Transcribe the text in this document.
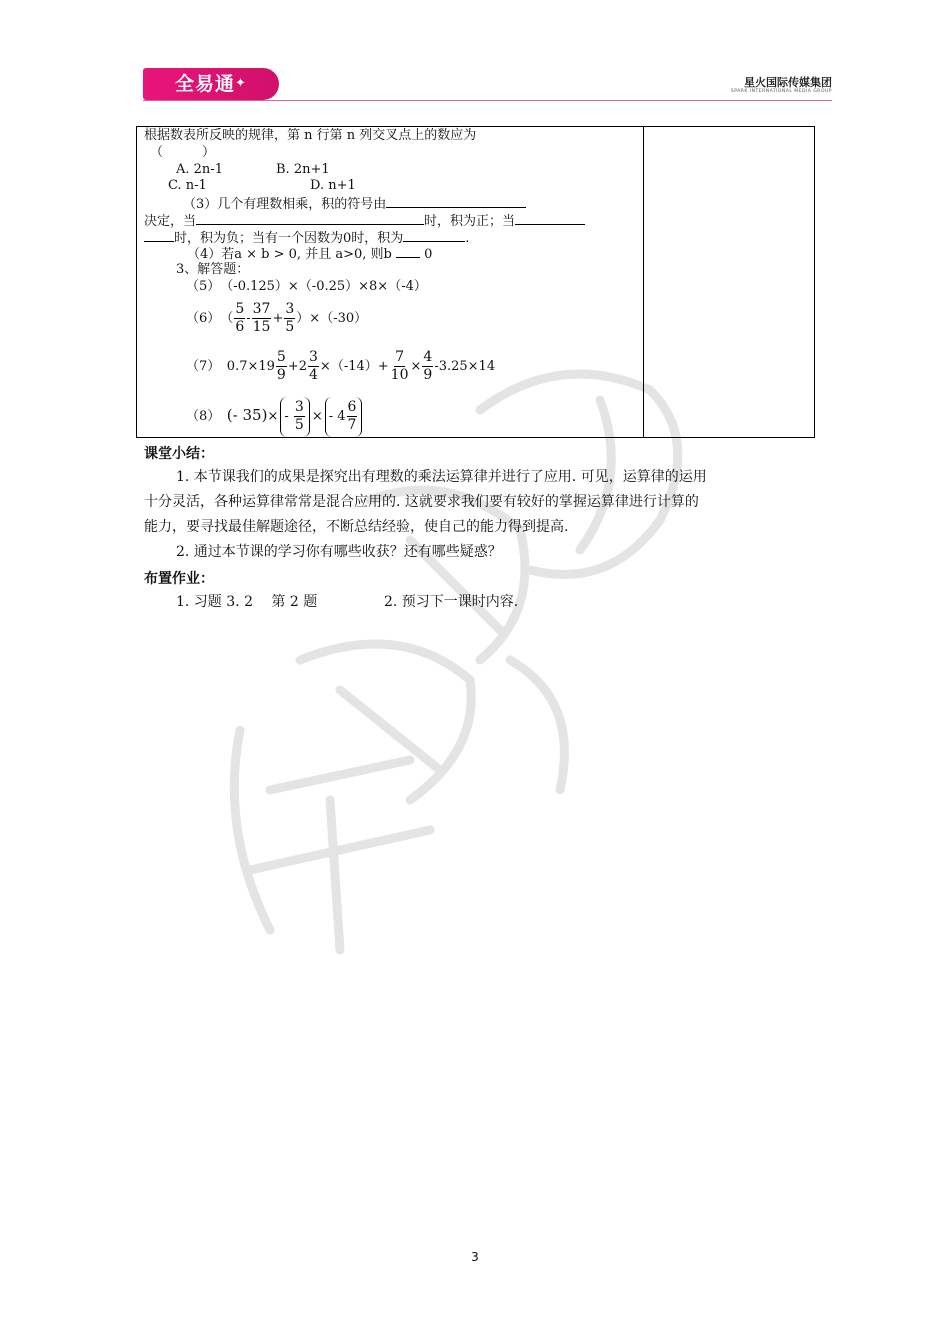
全易通✦	星火国际传媒集团
SPARK INTERNATIONAL MEDIA GROUP
根据数表所反映的规律，第 n 行第 n 列交叉点上的数应为
（　　　）
A. 2n-1	B. 2n+1
C. n-1	D. n+1
（3）几个有理数相乘，积的符号由
决定，当	时，积为正；当
时，积为负；当有一个因数为0时，积为	.
（4）若a × b > 0, 并且 a>0, 则b 0
3、解答题：
（5）　 （-0.125）×（-0.25）×8×（-4）
（6）　 （ $\frac{5}{6} - \frac{37}{15} + \frac{3}{5} )\times(-30)$
（7）　 $0.7\times 19 \frac{5}{9} +2 \frac{3}{4} \times(-14)+ \frac{7}{10} \times \frac{4}{9} -3.25\times 14$
（8）　 (- 35)× -
$\frac{3}{5}$ × - $4 \frac{6}{7}$
课堂小结：
1. 本节课我们的成果是探究出有理数的乘法运算律并进行了应用. 可见，运算律的运用
十分灵活，各种运算律常常是混合应用的. 这就要求我们要有较好的掌握运算律进行计算的
能力，要寻找最佳解题途径，不断总结经验，使自己的能力得到提高.
2. 通过本节课的学习你有哪些收获？还有哪些疑惑？
布置作业：
1. 习题 3. 2　 第 2 题	2. 预习下一课时内容.
3
